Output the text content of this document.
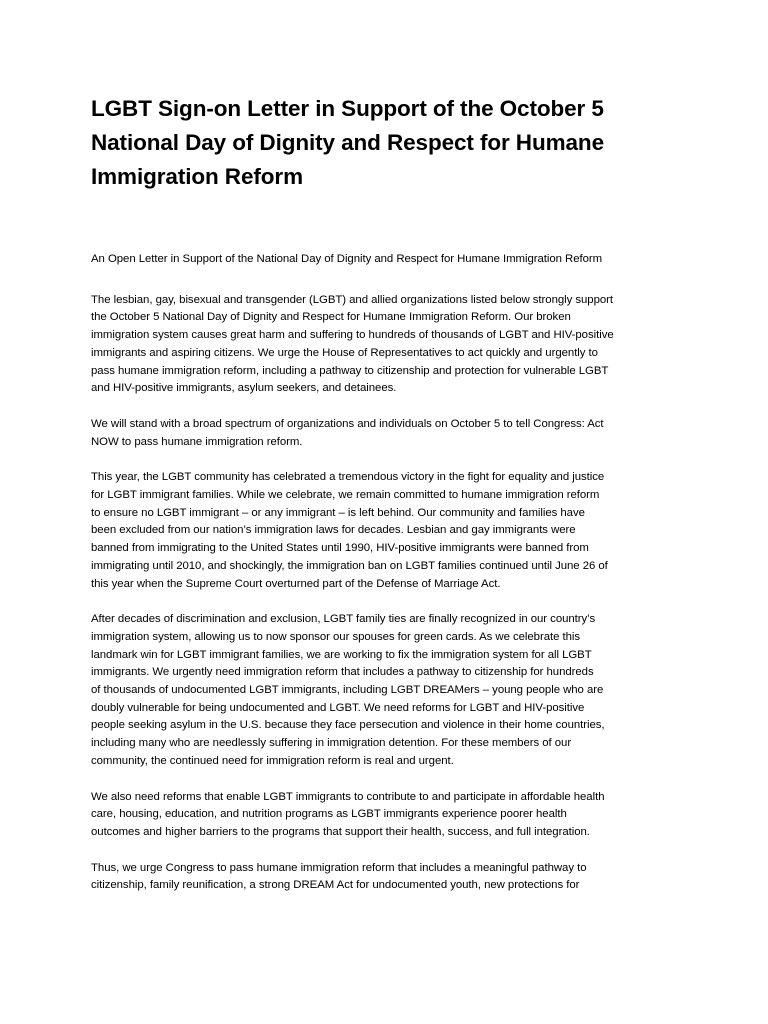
LGBT Sign-on Letter in Support of the October 5
National Day of Dignity and Respect for Humane
Immigration Reform

An Open Letter in Support of the National Day of Dignity and Respect for Humane Immigration Reform

The lesbian, gay, bisexual and transgender (LGBT) and allied organizations listed below strongly support
the October 5 National Day of Dignity and Respect for Humane Immigration Reform. Our broken
immigration system causes great harm and suffering to hundreds of thousands of LGBT and HIV-positive
immigrants and aspiring citizens. We urge the House of Representatives to act quickly and urgently to
pass humane immigration reform, including a pathway to citizenship and protection for vulnerable LGBT
and HIV-positive immigrants, asylum seekers, and detainees.

We will stand with a broad spectrum of organizations and individuals on October 5 to tell Congress: Act
NOW to pass humane immigration reform.

This year, the LGBT community has celebrated a tremendous victory in the fight for equality and justice
for LGBT immigrant families. While we celebrate, we remain committed to humane immigration reform
to ensure no LGBT immigrant – or any immigrant – is left behind. Our community and families have
been excluded from our nation’s immigration laws for decades. Lesbian and gay immigrants were
banned from immigrating to the United States until 1990, HIV-positive immigrants were banned from
immigrating until 2010, and shockingly, the immigration ban on LGBT families continued until June 26 of
this year when the Supreme Court overturned part of the Defense of Marriage Act.

After decades of discrimination and exclusion, LGBT family ties are finally recognized in our country’s
immigration system, allowing us to now sponsor our spouses for green cards. As we celebrate this
landmark win for LGBT immigrant families, we are working to fix the immigration system for all LGBT
immigrants. We urgently need immigration reform that includes a pathway to citizenship for hundreds
of thousands of undocumented LGBT immigrants, including LGBT DREAMers – young people who are
doubly vulnerable for being undocumented and LGBT. We need reforms for LGBT and HIV-positive
people seeking asylum in the U.S. because they face persecution and violence in their home countries,
including many who are needlessly suffering in immigration detention. For these members of our
community, the continued need for immigration reform is real and urgent.

We also need reforms that enable LGBT immigrants to contribute to and participate in affordable health
care, housing, education, and nutrition programs as LGBT immigrants experience poorer health
outcomes and higher barriers to the programs that support their health, success, and full integration.

Thus, we urge Congress to pass humane immigration reform that includes a meaningful pathway to
citizenship, family reunification, a strong DREAM Act for undocumented youth, new protections for
